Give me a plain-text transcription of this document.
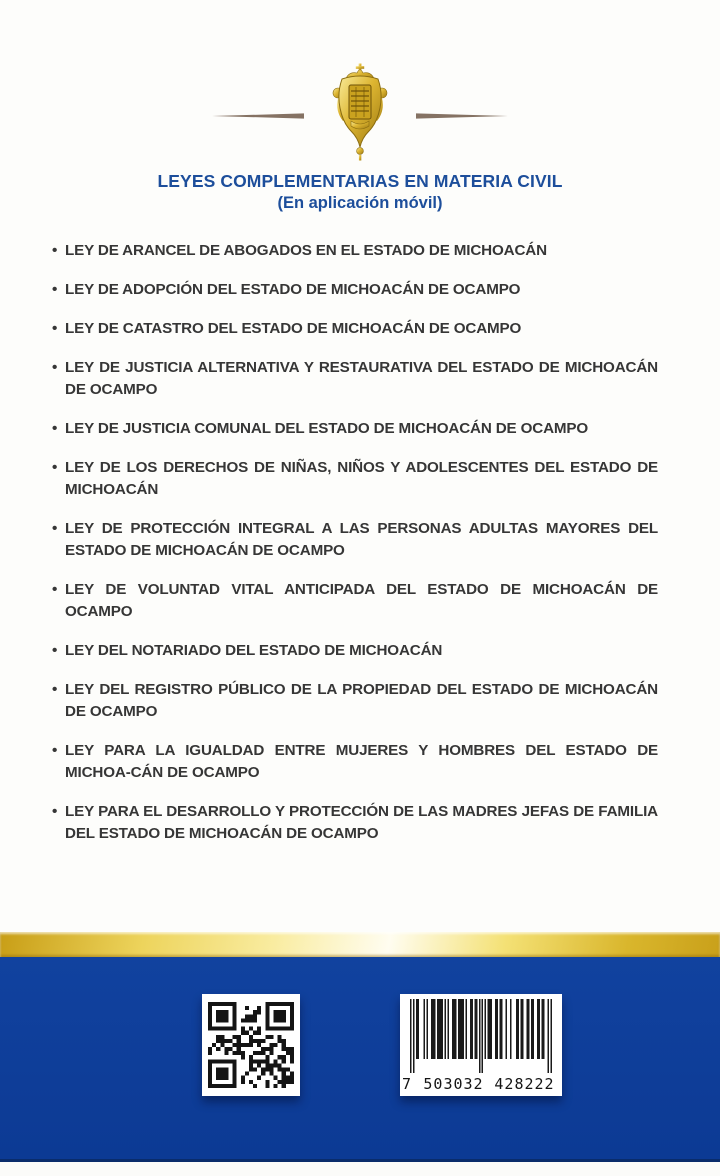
LEYES COMPLEMENTARIAS EN MATERIA CIVIL
(En aplicación móvil)
• LEY DE ARANCEL DE ABOGADOS EN EL ESTADO DE MICHOACÁN
• LEY DE ADOPCIÓN DEL ESTADO DE MICHOACÁN DE OCAMPO
• LEY DE CATASTRO DEL ESTADO DE MICHOACÁN DE OCAMPO
• LEY DE JUSTICIA ALTERNATIVA Y RESTAURATIVA DEL ESTADO DE MICHOACÁN DE OCAMPO
• LEY DE JUSTICIA COMUNAL DEL ESTADO DE MICHOACÁN DE OCAMPO
• LEY DE LOS DERECHOS DE NIÑAS, NIÑOS Y ADOLESCENTES DEL ESTADO DE MICHOACÁN
• LEY DE PROTECCIÓN INTEGRAL A LAS PERSONAS ADULTAS MAYORES DEL ESTADO DE MICHOACÁN DE OCAMPO
• LEY DE VOLUNTAD VITAL ANTICIPADA DEL ESTADO DE MICHOACÁN DE OCAMPO
• LEY DEL NOTARIADO DEL ESTADO DE MICHOACÁN
• LEY DEL REGISTRO PÚBLICO DE LA PROPIEDAD DEL ESTADO DE MICHOACÁN DE OCAMPO
• LEY PARA LA IGUALDAD ENTRE MUJERES Y HOMBRES DEL ESTADO DE MICHOA-CÁN DE OCAMPO
• LEY PARA EL DESARROLLO Y PROTECCIÓN DE LAS MADRES JEFAS DE FAMILIA DEL ESTADO DE MICHOACÁN DE OCAMPO
7 503032 428222
